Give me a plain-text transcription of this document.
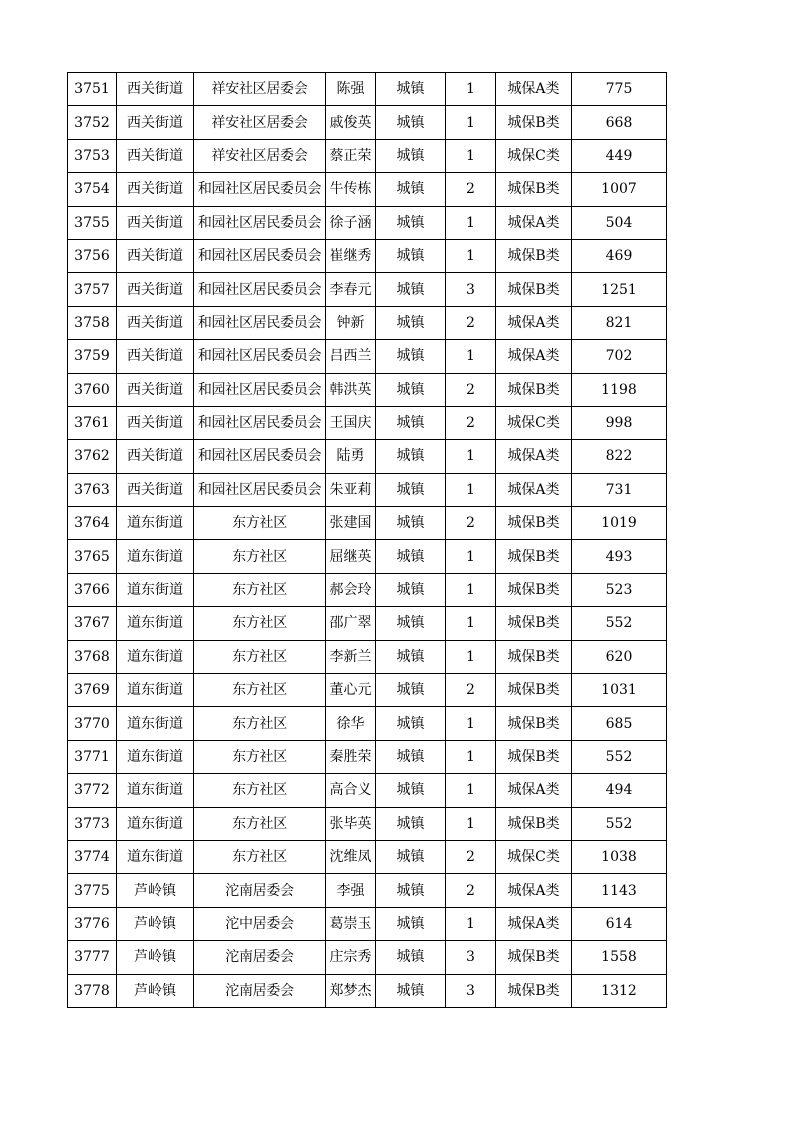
3751	西关街道	祥安社区居委会	陈强	城镇	1	城保A类	775
3752	西关街道	祥安社区居委会	戚俊英	城镇	1	城保B类	668
3753	西关街道	祥安社区居委会	蔡正荣	城镇	1	城保C类	449
3754	西关街道	和园社区居民委员会	牛传栋	城镇	2	城保B类	1007
3755	西关街道	和园社区居民委员会	徐子涵	城镇	1	城保A类	504
3756	西关街道	和园社区居民委员会	崔继秀	城镇	1	城保B类	469
3757	西关街道	和园社区居民委员会	李春元	城镇	3	城保B类	1251
3758	西关街道	和园社区居民委员会	钟新	城镇	2	城保A类	821
3759	西关街道	和园社区居民委员会	吕西兰	城镇	1	城保A类	702
3760	西关街道	和园社区居民委员会	韩洪英	城镇	2	城保B类	1198
3761	西关街道	和园社区居民委员会	王国庆	城镇	2	城保C类	998
3762	西关街道	和园社区居民委员会	陆勇	城镇	1	城保A类	822
3763	西关街道	和园社区居民委员会	朱亚莉	城镇	1	城保A类	731
3764	道东街道	东方社区	张建国	城镇	2	城保B类	1019
3765	道东街道	东方社区	屈继英	城镇	1	城保B类	493
3766	道东街道	东方社区	郝会玲	城镇	1	城保B类	523
3767	道东街道	东方社区	邵广翠	城镇	1	城保B类	552
3768	道东街道	东方社区	李新兰	城镇	1	城保B类	620
3769	道东街道	东方社区	董心元	城镇	2	城保B类	1031
3770	道东街道	东方社区	徐华	城镇	1	城保B类	685
3771	道东街道	东方社区	秦胜荣	城镇	1	城保B类	552
3772	道东街道	东方社区	高合义	城镇	1	城保A类	494
3773	道东街道	东方社区	张毕英	城镇	1	城保B类	552
3774	道东街道	东方社区	沈维凤	城镇	2	城保C类	1038
3775	芦岭镇	沱南居委会	李强	城镇	2	城保A类	1143
3776	芦岭镇	沱中居委会	葛崇玉	城镇	1	城保A类	614
3777	芦岭镇	沱南居委会	庄宗秀	城镇	3	城保B类	1558
3778	芦岭镇	沱南居委会	郑梦杰	城镇	3	城保B类	1312
